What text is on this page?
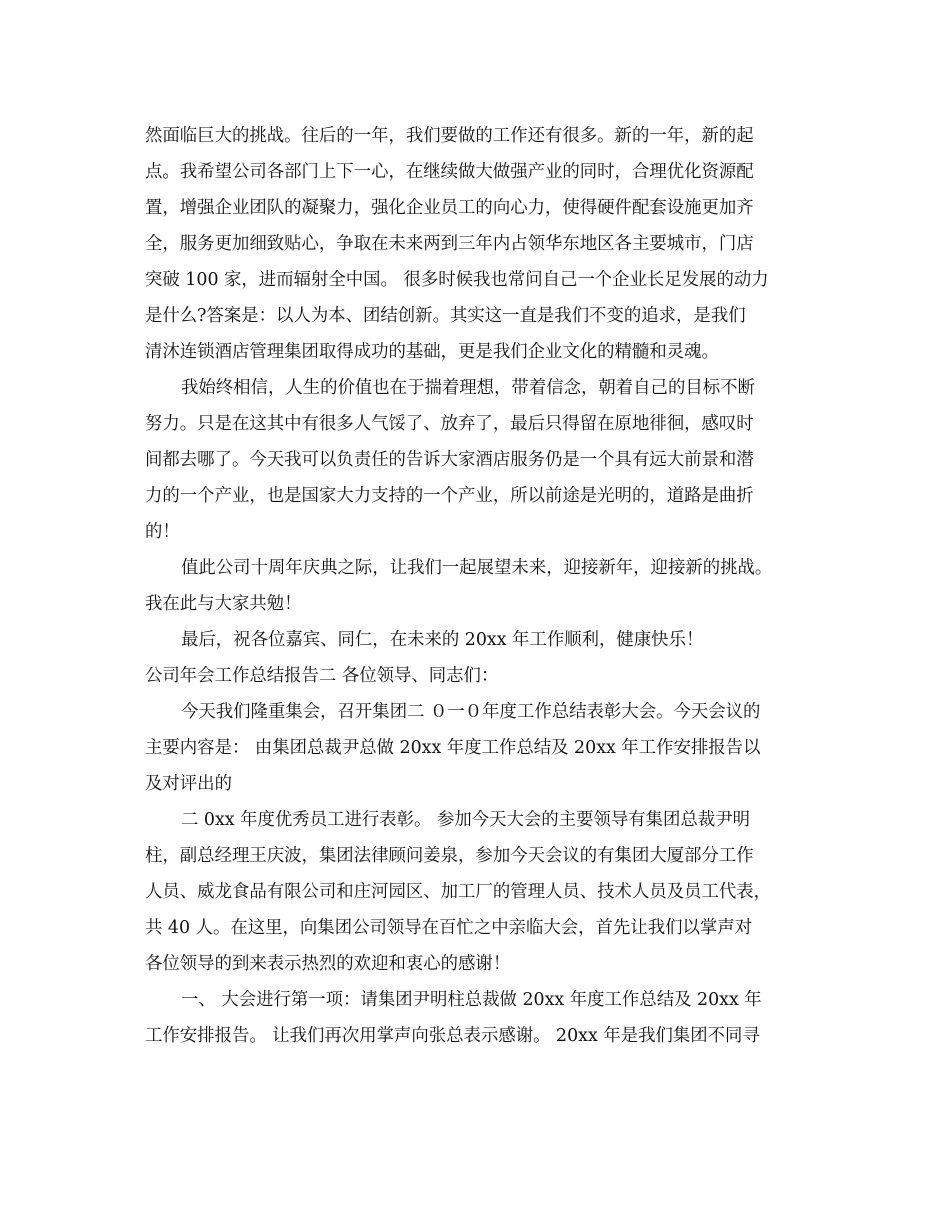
然面临巨大的挑战。往后的一年，我们要做的工作还有很多。新的一年，新的起
点。我希望公司各部门上下一心，在继续做大做强产业的同时，合理优化资源配
置，增强企业团队的凝聚力，强化企业员工的向心力，使得硬件配套设施更加齐
全，服务更加细致贴心，争取在未来两到三年内占领华东地区各主要城市，门店
突破 100 家，进而辐射全中国。 很多时候我也常问自己一个企业长足发展的动力
是什么?答案是：以人为本、团结创新。其实这一直是我们不变的追求，是我们
清沐连锁酒店管理集团取得成功的基础，更是我们企业文化的精髓和灵魂。
我始终相信，人生的价值也在于揣着理想，带着信念，朝着自己的目标不断
努力。只是在这其中有很多人气馁了、放弃了，最后只得留在原地徘徊，感叹时
间都去哪了。今天我可以负责任的告诉大家酒店服务仍是一个具有远大前景和潜
力的一个产业，也是国家大力支持的一个产业，所以前途是光明的，道路是曲折
的！
值此公司十周年庆典之际，让我们一起展望未来，迎接新年，迎接新的挑战。
我在此与大家共勉！
最后，祝各位嘉宾、同仁，在未来的 20xx 年工作顺利，健康快乐！
公司年会工作总结报告二 各位领导、同志们：
今天我们隆重集会，召开集团二 ０一０年度工作总结表彰大会。今天会议的
主要内容是： 由集团总裁尹总做 20xx 年度工作总结及 20xx 年工作安排报告以
及对评出的
二 0xx 年度优秀员工进行表彰。 参加今天大会的主要领导有集团总裁尹明
柱，副总经理王庆波，集团法律顾问姜泉，参加今天会议的有集团大厦部分工作
人员、威龙食品有限公司和庄河园区、加工厂的管理人员、技术人员及员工代表，
共 40 人。在这里，向集团公司领导在百忙之中亲临大会，首先让我们以掌声对
各位领导的到来表示热烈的欢迎和衷心的感谢！
一、 大会进行第一项：请集团尹明柱总裁做 20xx 年度工作总结及 20xx 年
工作安排报告。 让我们再次用掌声向张总表示感谢。 20xx 年是我们集团不同寻
